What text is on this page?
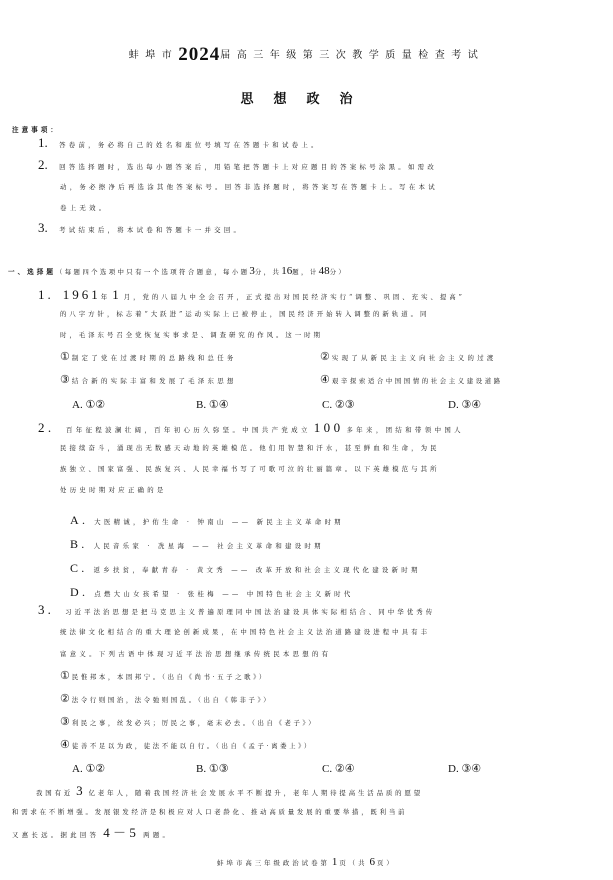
蚌埠市2024届高三年级第三次教学质量检查考试
思想政治
注意事项：
1. 答卷前，务必将自己的姓名和座位号填写在答题卡和试卷上。
2. 回答选择题时，选出每小题答案后，用铅笔把答题卡上对应题目的答案标号涂黑。如需改
动，务必擦净后再选涂其他答案标号。回答非选择题时，将答案写在答题卡上。写在本试
卷上无效。
3. 考试结束后，将本试卷和答题卡一并交回。
一、选择题（每题四个选项中只有一个选项符合题意，每小题3分，共16题，计48分）
1. 1961年 1 月，党的八届九中全会召开，正式提出对国民经济实行“调整、巩固、充实、提高”
的八字方针，标志着“大跃进”运动实际上已被停止，国民经济开始转入调整的新轨道。同
时，毛泽东号召全党恢复实事求是、调查研究的作风。这一时期
① 制定了党在过渡时期的总路线和总任务	② 实现了从新民主主义向社会主义的过渡
③ 结合新的实际丰富和发展了毛泽东思想	④ 艰辛探索适合中国国情的社会主义建设道路
A. ①②	B. ①④	C. ②③	D. ③④
2. 百年征程波澜壮阔，百年初心历久弥坚。中国共产党成立 100 多年来，团结和带领中国人
民接续奋斗，涌现出无数感天动地的英雄模范。他们用智慧和汗水，甚至鲜血和生命，为民
族独立、国家富强、民族复兴、人民幸福书写了可歌可泣的壮丽篇章。以下英雄模范与其所
处历史时期对应正确的是
A. 大医精诚，护佑生命 · 钟南山 —— 新民主主义革命时期
B. 人民音乐家 · 冼星海 —— 社会主义革命和建设时期
C. 返乡扶贫，奉献青春 · 黄文秀 —— 改革开放和社会主义现代化建设新时期
D. 点燃大山女孩希望 · 张桂梅 —— 中国特色社会主义新时代
3. 习近平法治思想是把马克思主义普遍原理同中国法治建设具体实际相结合、同中华优秀传
统法律文化相结合的重大理论创新成果，在中国特色社会主义法治道路建设进程中具有丰
富意义。下列古语中体现习近平法治思想继承传统民本思想的有
① 民惟邦本，本固邦宁。（出自《尚书·五子之歌》）
② 法令行则国治，法令弛则国乱。（出自《韩非子》）
③ 利民之事，丝发必兴；厉民之事，毫末必去。（出自《老子》）
④ 徒善不足以为政，徒法不能以自行。（出自《孟子·离娄上》）
A. ①②	B. ①③	C. ②④	D. ③④
我国有近 3 亿老年人，随着我国经济社会发展水平不断提升，老年人期待提高生活品质的愿望
和需求在不断增强。发展银发经济是积极应对人口老龄化、推动高质量发展的重要举措，既利当前
又惠长远。据此回答 4－5 两题。
蚌埠市高三年级政治试卷第 1 页（共 6 页）
